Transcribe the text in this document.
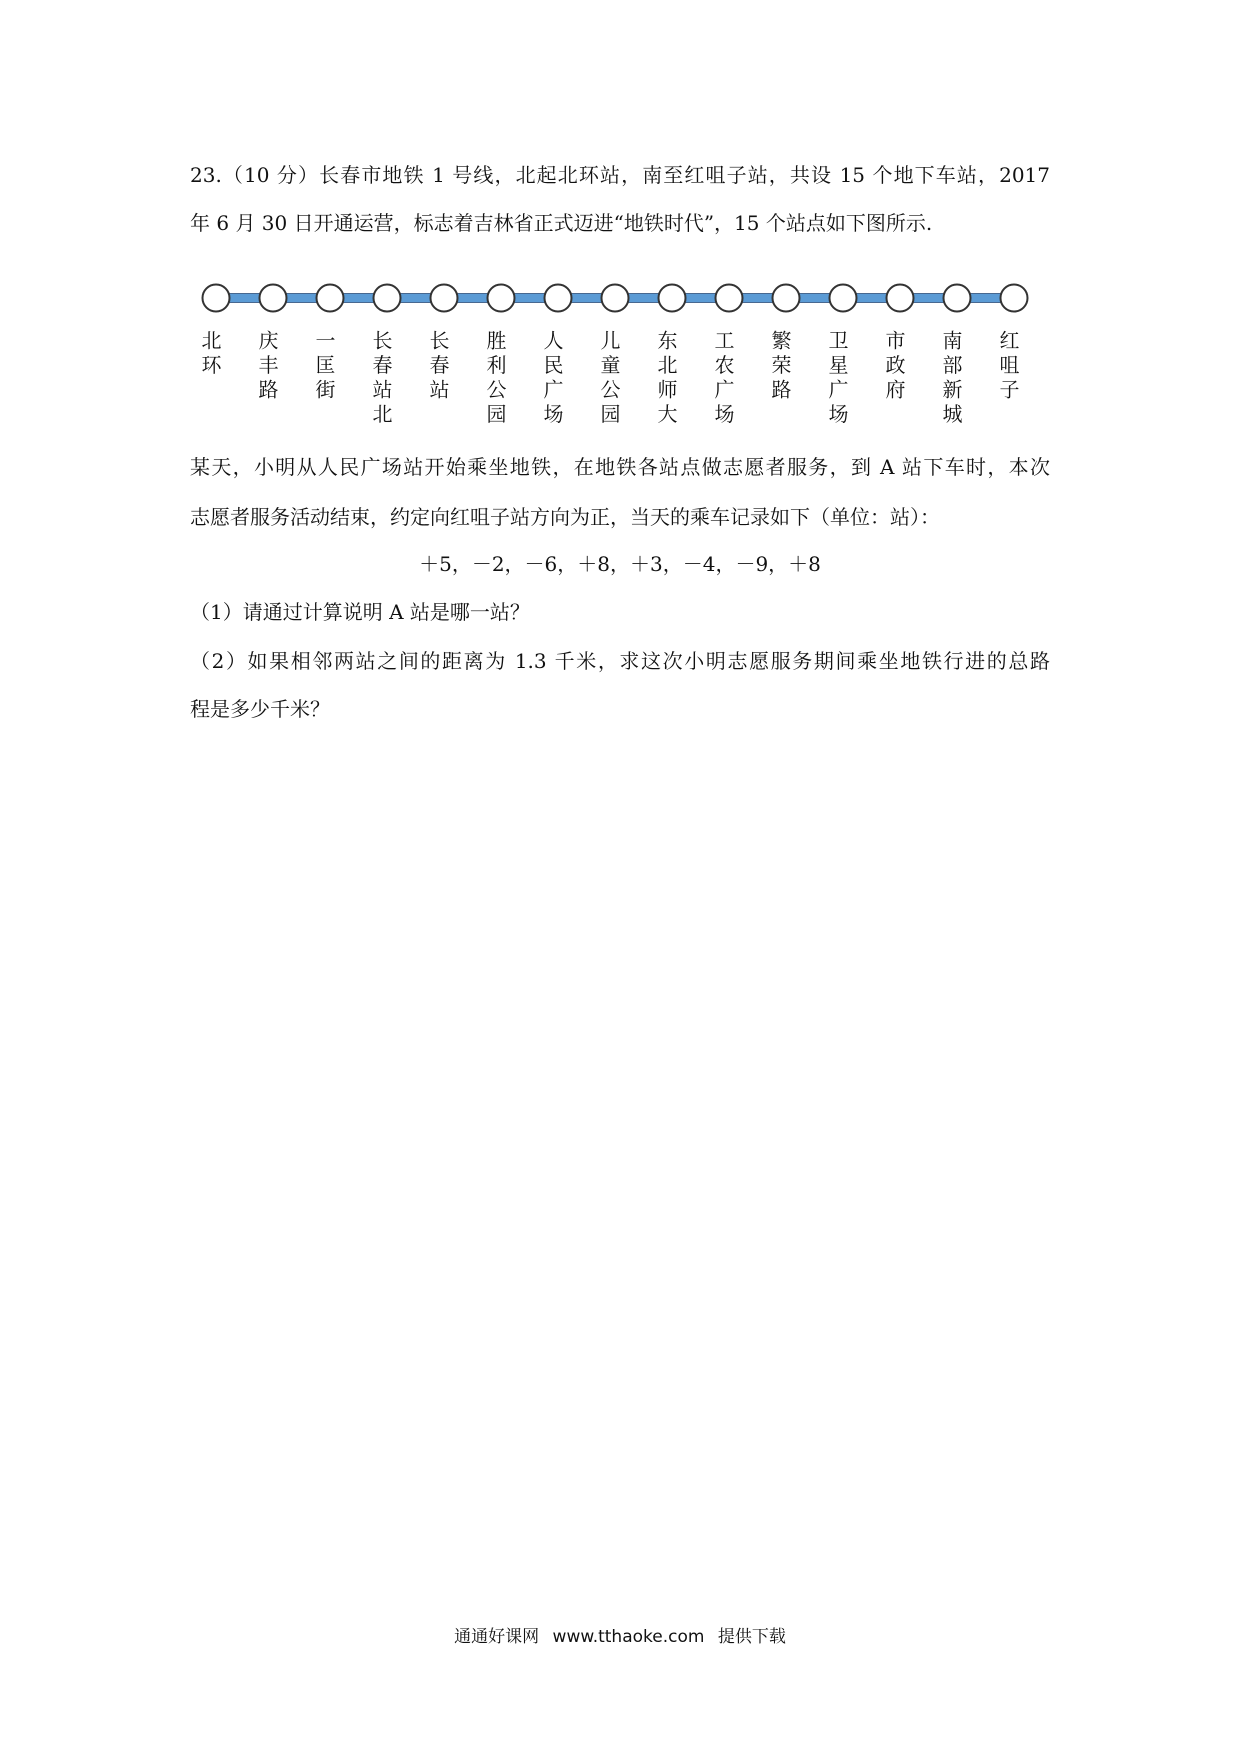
23.（10 分）长春市地铁 1 号线，北起北环站，南至红咀子站，共设 15 个地下车站，2017
年 6 月 30 日开通运营，标志着吉林省正式迈进“地铁时代”，15 个站点如下图所示.
北环 庆丰路 一匡街 长春站北 长春站 胜利公园 人民广场 儿童公园 东北师大 工农广场 繁荣路 卫星广场 市政府 南部新城 红咀子
某天，小明从人民广场站开始乘坐地铁，在地铁各站点做志愿者服务，到 A 站下车时，本次
志愿者服务活动结束，约定向红咀子站方向为正，当天的乘车记录如下（单位：站）：
＋5，－2，－6，＋8，＋3，－4，－9，＋8
（1）请通过计算说明 A 站是哪一站？
（2）如果相邻两站之间的距离为 1.3 千米，求这次小明志愿服务期间乘坐地铁行进的总路
程是多少千米？
通通好课网 www.tthaoke.com 提供下载
